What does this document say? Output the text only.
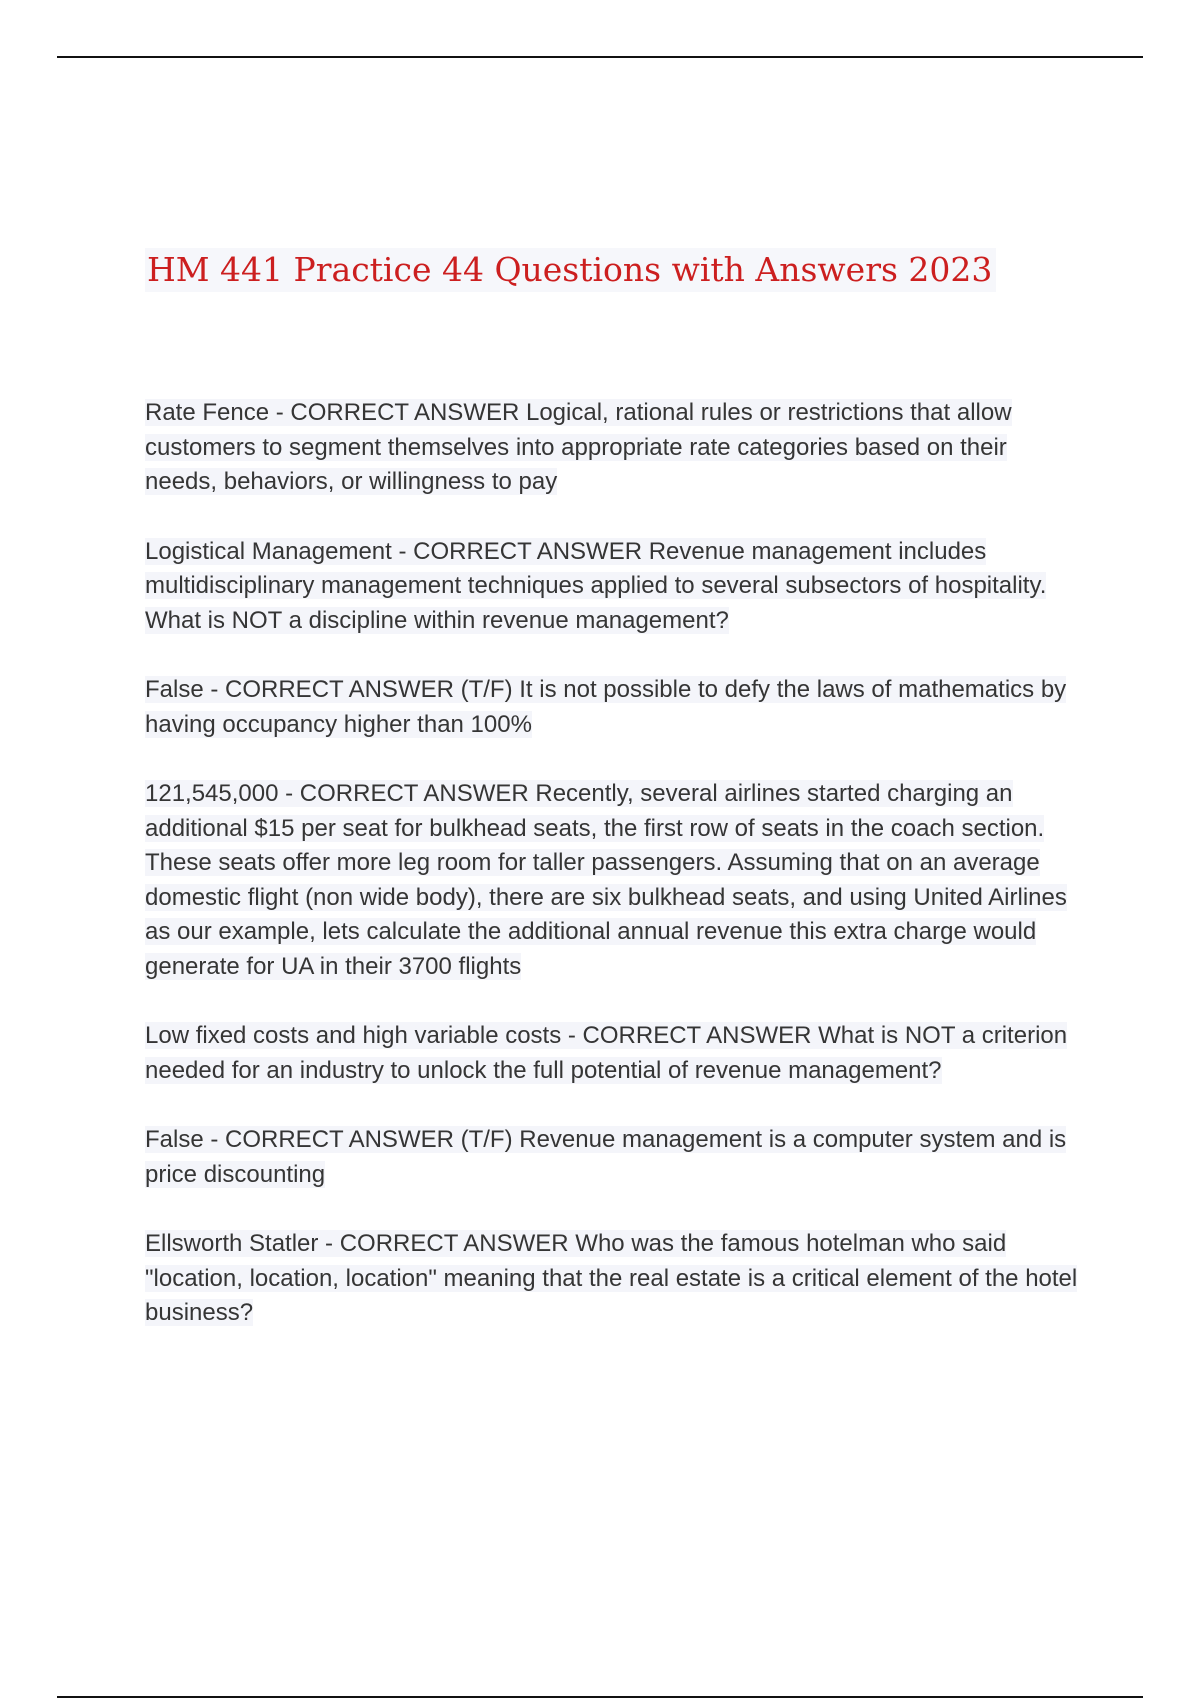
HM 441 Practice 44 Questions with Answers 2023

Rate Fence - CORRECT ANSWER Logical, rational rules or restrictions that allow customers to segment themselves into appropriate rate categories based on their needs, behaviors, or willingness to pay

Logistical Management - CORRECT ANSWER Revenue management includes multidisciplinary management techniques applied to several subsectors of hospitality. What is NOT a discipline within revenue management?

False - CORRECT ANSWER (T/F) It is not possible to defy the laws of mathematics by having occupancy higher than 100%

121,545,000 - CORRECT ANSWER Recently, several airlines started charging an additional $15 per seat for bulkhead seats, the first row of seats in the coach section. These seats offer more leg room for taller passengers. Assuming that on an average domestic flight (non wide body), there are six bulkhead seats, and using United Airlines as our example, lets calculate the additional annual revenue this extra charge would generate for UA in their 3700 flights

Low fixed costs and high variable costs - CORRECT ANSWER What is NOT a criterion needed for an industry to unlock the full potential of revenue management?

False - CORRECT ANSWER (T/F) Revenue management is a computer system and is price discounting

Ellsworth Statler - CORRECT ANSWER Who was the famous hotelman who said "location, location, location" meaning that the real estate is a critical element of the hotel business?
